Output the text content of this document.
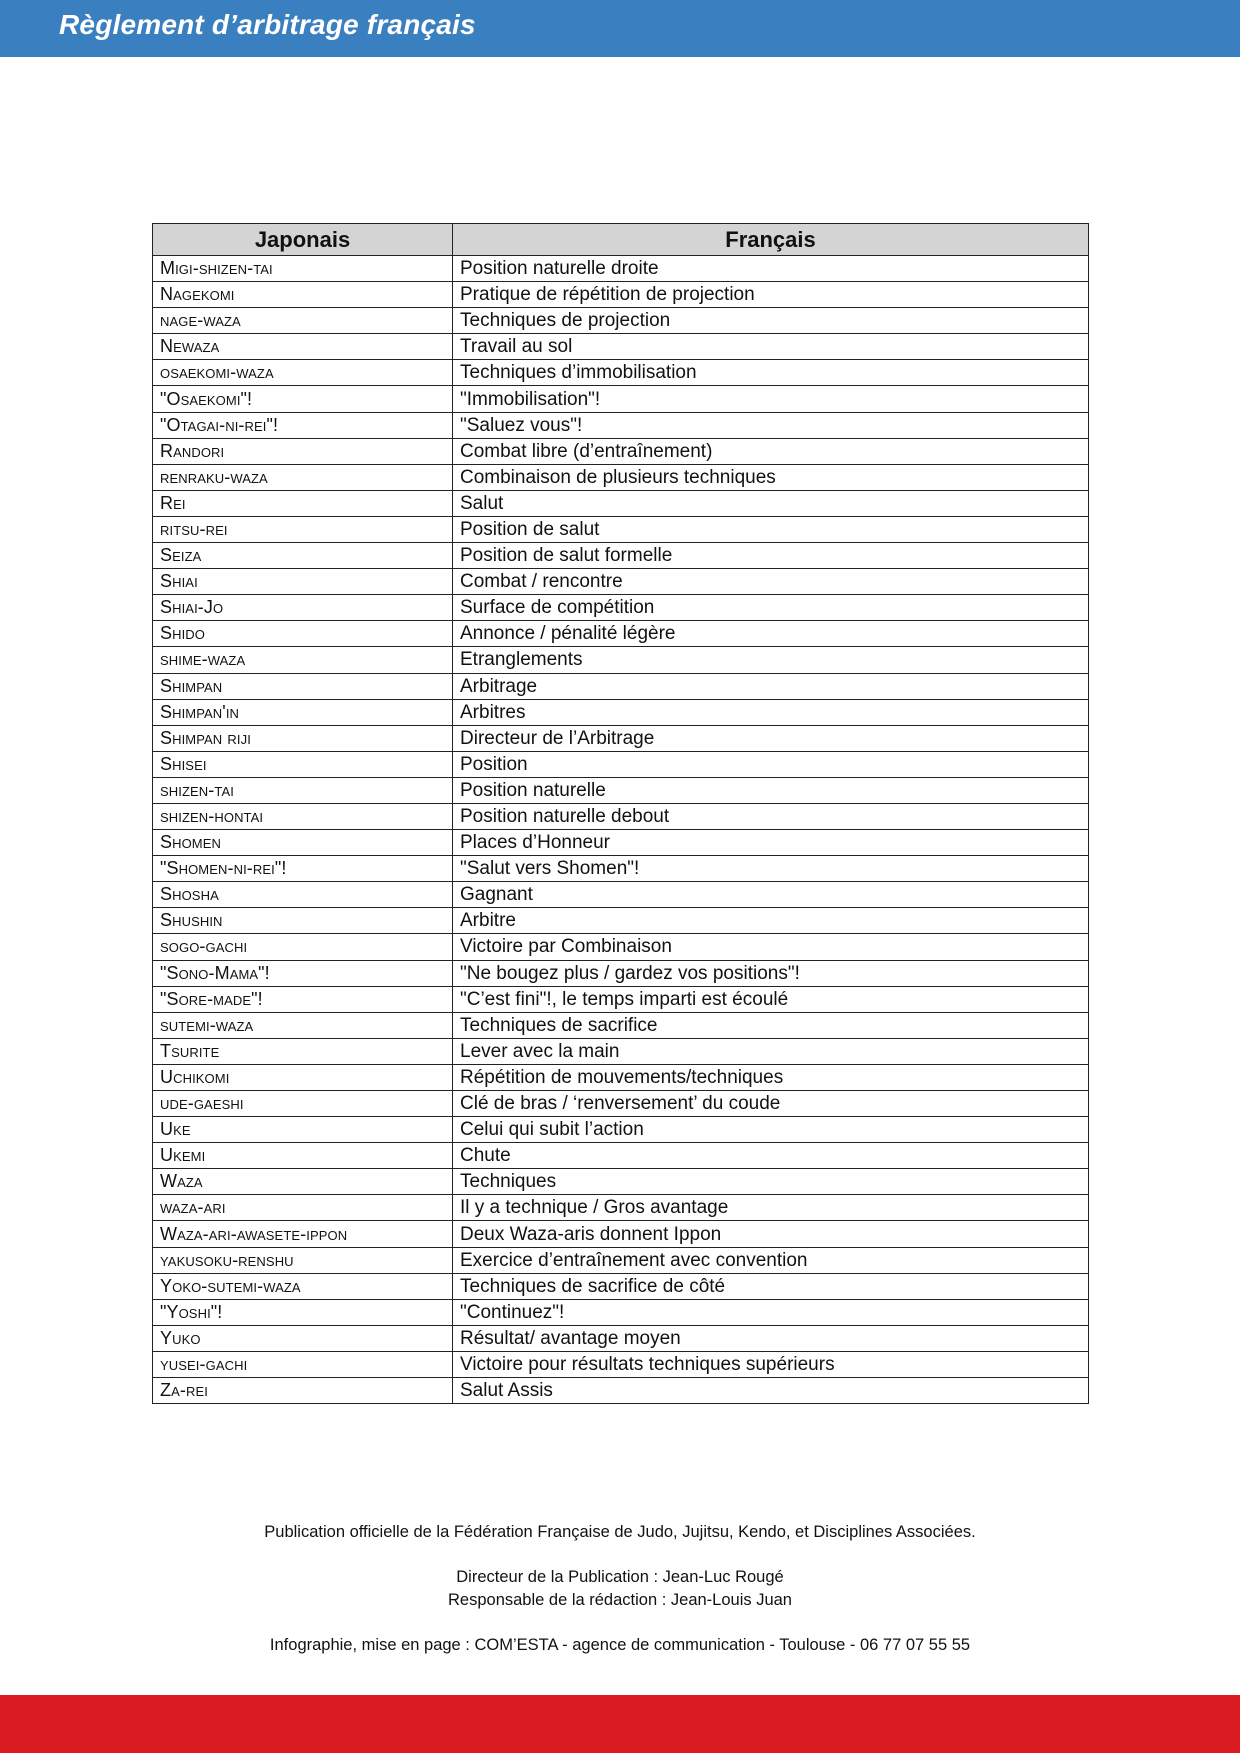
Règlement d’arbitrage français
Japonais	Français
Migi-shizen-tai	Position naturelle droite
Nagekomi	Pratique de répétition de projection
nage-waza	Techniques de projection
Newaza	Travail au sol
osaekomi-waza	Techniques d’immobilisation
"Osaekomi"!	"Immobilisation"!
"Otagai-ni-rei"!	"Saluez vous"!
Randori	Combat libre (d’entraînement)
renraku-waza	Combinaison de plusieurs techniques
Rei	Salut
ritsu-rei	Position de salut
Seiza	Position de salut formelle
Shiai	Combat / rencontre
Shiai-Jo	Surface de compétition
Shido	Annonce / pénalité légère
shime-waza	Etranglements
Shimpan	Arbitrage
Shimpan'in	Arbitres
Shimpan riji	Directeur de l’Arbitrage
Shisei	Position
shizen-tai	Position naturelle
shizen-hontai	Position naturelle debout
Shomen	Places d’Honneur
"Shomen-ni-rei"!	"Salut vers Shomen"!
Shosha	Gagnant
Shushin	Arbitre
sogo-gachi	Victoire par Combinaison
"Sono-Mama"!	"Ne bougez plus / gardez vos positions"!
"Sore-made"!	"C’est fini"!, le temps imparti est écoulé
sutemi-waza	Techniques de sacrifice
Tsurite	Lever avec la main
Uchikomi	Répétition de mouvements/techniques
ude-gaeshi	Clé de bras / ‘renversement’ du coude
Uke	Celui qui subit l’action
Ukemi	Chute
Waza	Techniques
waza-ari	Il y a technique / Gros avantage
Waza-ari-awasete-ippon	Deux Waza-aris donnent Ippon
yakusoku-renshu	Exercice d’entraînement avec convention
Yoko-sutemi-waza	Techniques de sacrifice de côté
"Yoshi"!	"Continuez"!
Yuko	Résultat/ avantage moyen
yusei-gachi	Victoire pour résultats techniques supérieurs
Za-rei	Salut Assis

Publication officielle de la Fédération Française de Judo, Jujitsu, Kendo, et Disciplines Associées.

Directeur de la Publication : Jean-Luc Rougé

Responsable de la rédaction : Jean-Louis Juan

Infographie, mise en page : COM’ESTA - agence de communication - Toulouse - 06 77 07 55 55
